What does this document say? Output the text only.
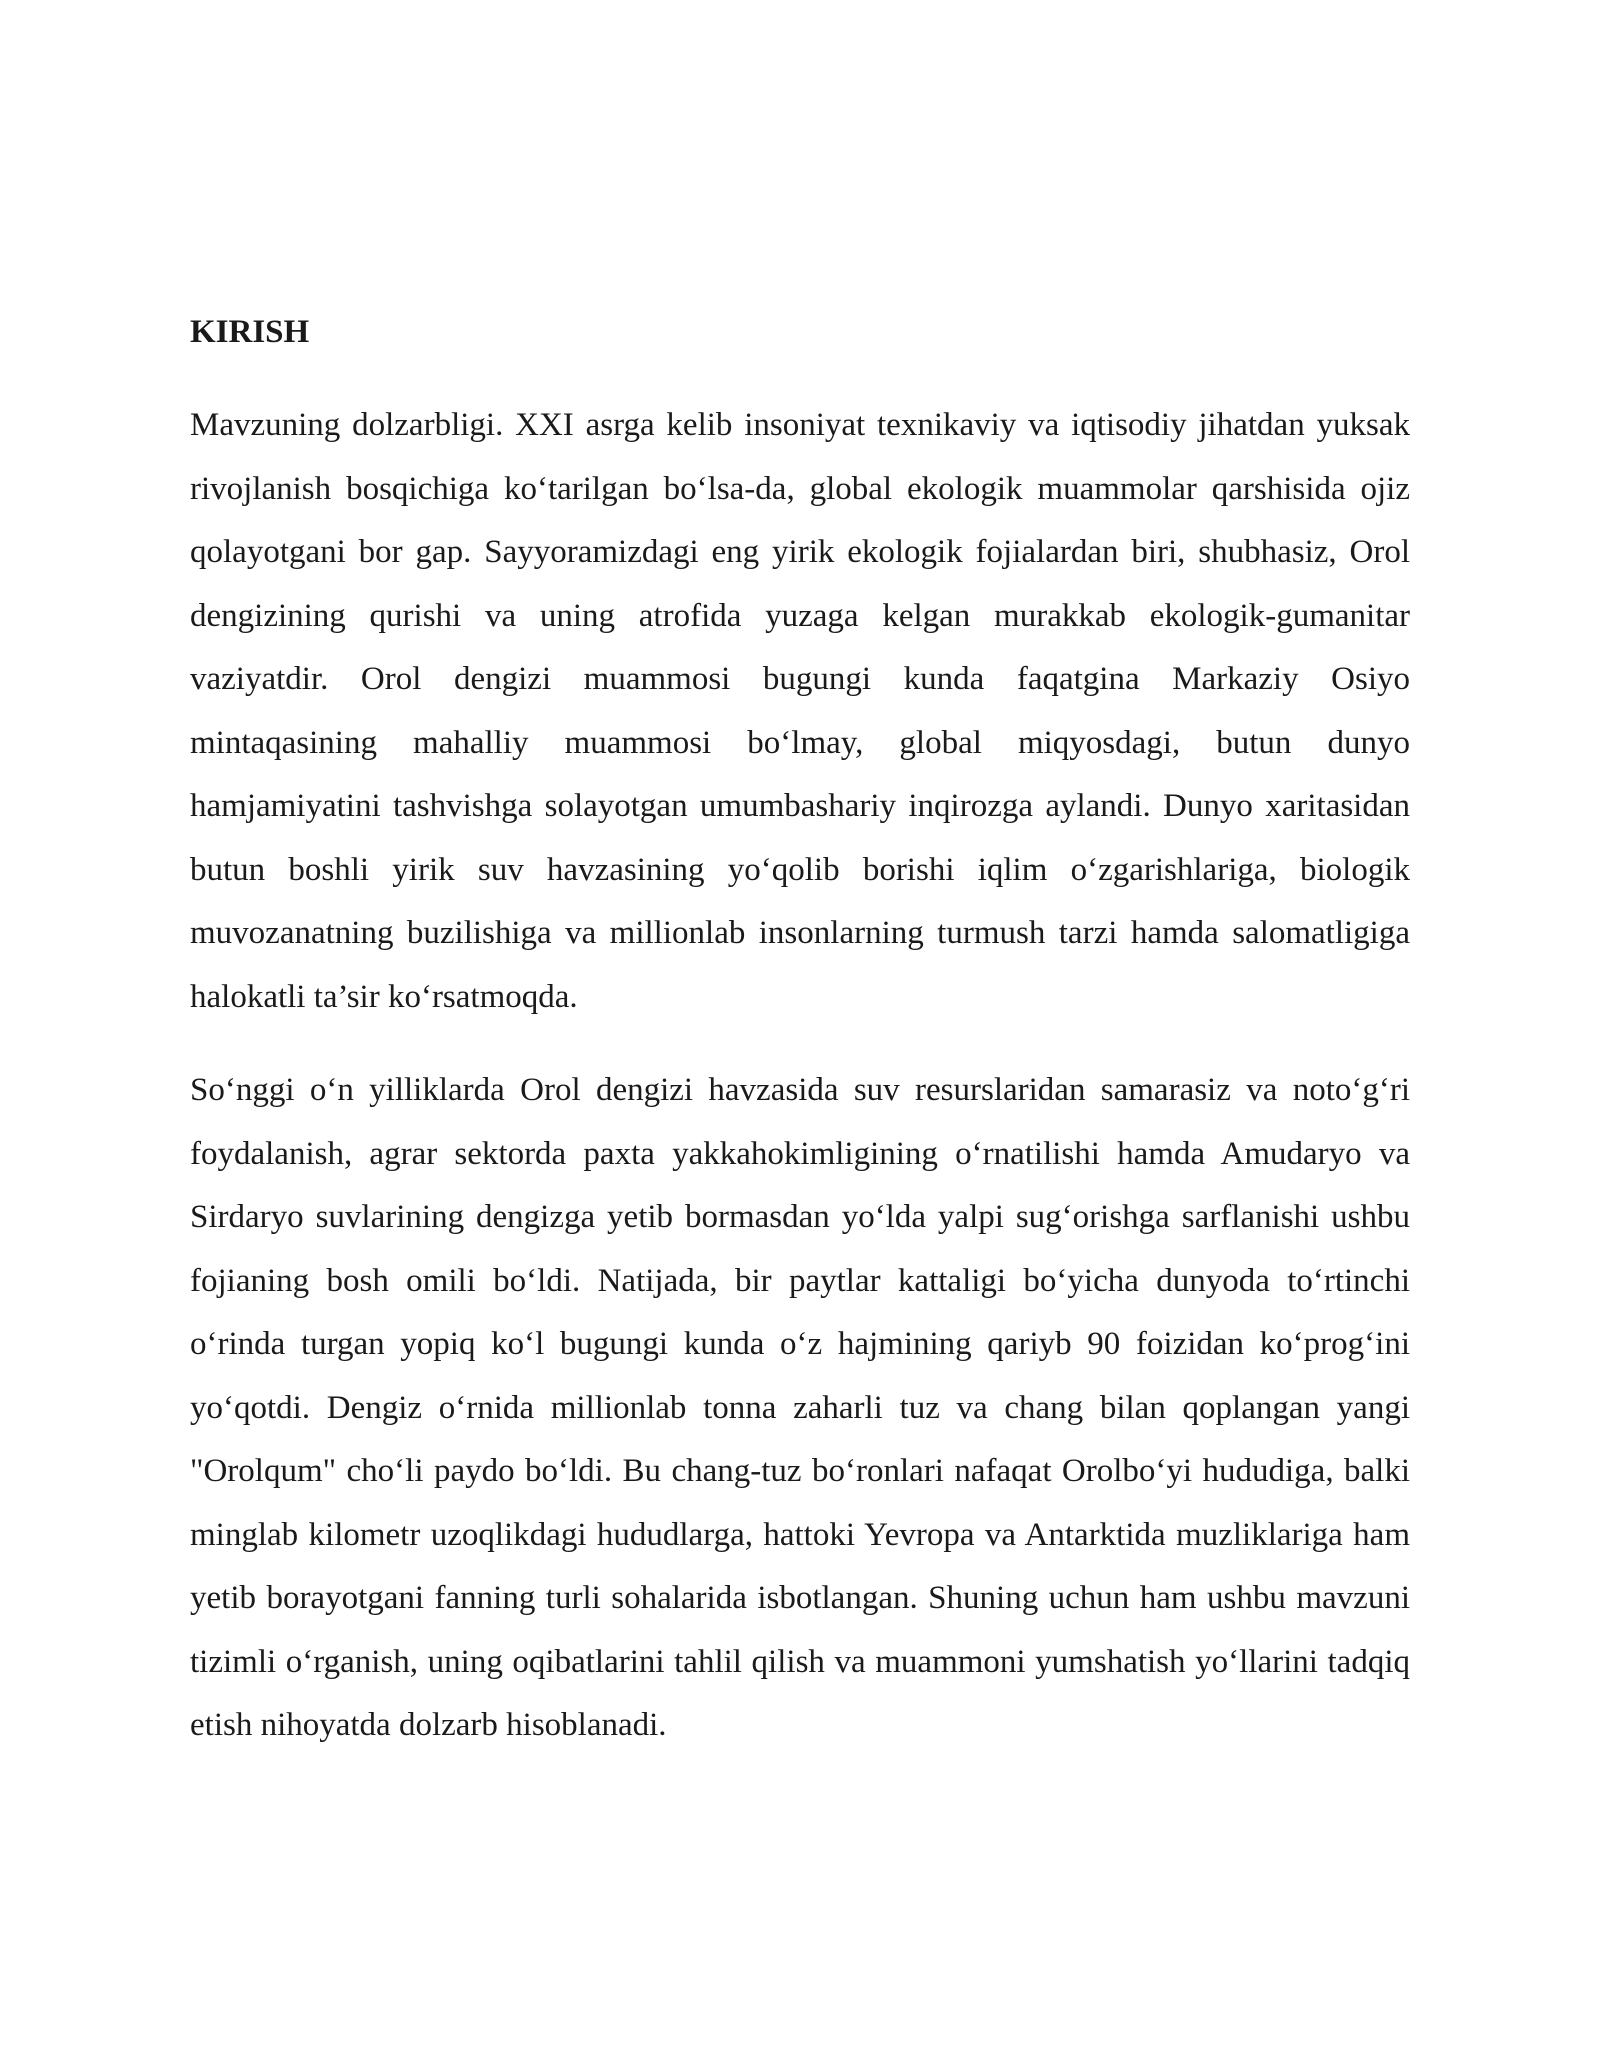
KIRISH

Mavzuning dolzarbligi. XXI asrga kelib insoniyat texnikaviy va iqtisodiy jihatdan yuksak rivojlanish bosqichiga ko‘tarilgan bo‘lsa-da, global ekologik muammolar qarshisida ojiz qolayotgani bor gap. Sayyoramizdagi eng yirik ekologik fojialardan biri, shubhasiz, Orol dengizining qurishi va uning atrofida yuzaga kelgan murakkab ekologik-gumanitar vaziyatdir. Orol dengizi muammosi bugungi kunda faqatgina Markaziy Osiyo mintaqasining mahalliy muammosi bo‘lmay, global miqyosdagi, butun dunyo hamjamiyatini tashvishga solayotgan umumbashariy inqirozga aylandi. Dunyo xaritasidan butun boshli yirik suv havzasining yo‘qolib borishi iqlim o‘zgarishlariga, biologik muvozanatning buzilishiga va millionlab insonlarning turmush tarzi hamda salomatligiga halokatli ta’sir ko‘rsatmoqda.

So‘nggi o‘n yilliklarda Orol dengizi havzasida suv resurslaridan samarasiz va noto‘g‘ri foydalanish, agrar sektorda paxta yakkahokimligining o‘rnatilishi hamda Amudaryo va Sirdaryo suvlarining dengizga yetib bormasdan yo‘lda yalpi sug‘orishga sarflanishi ushbu fojianing bosh omili bo‘ldi. Natijada, bir paytlar kattaligi bo‘yicha dunyoda to‘rtinchi o‘rinda turgan yopiq ko‘l bugungi kunda o‘z hajmining qariyb 90 foizidan ko‘prog‘ini yo‘qotdi. Dengiz o‘rnida millionlab tonna zaharli tuz va chang bilan qoplangan yangi "Orolqum" cho‘li paydo bo‘ldi. Bu chang-tuz bo‘ronlari nafaqat Orolbo‘yi hududiga, balki minglab kilometr uzoqlikdagi hududlarga, hattoki Yevropa va Antarktida muzliklariga ham yetib borayotgani fanning turli sohalarida isbotlangan. Shuning uchun ham ushbu mavzuni tizimli o‘rganish, uning oqibatlarini tahlil qilish va muammoni yumshatish yo‘llarini tadqiq etish nihoyatda dolzarb hisoblanadi.
